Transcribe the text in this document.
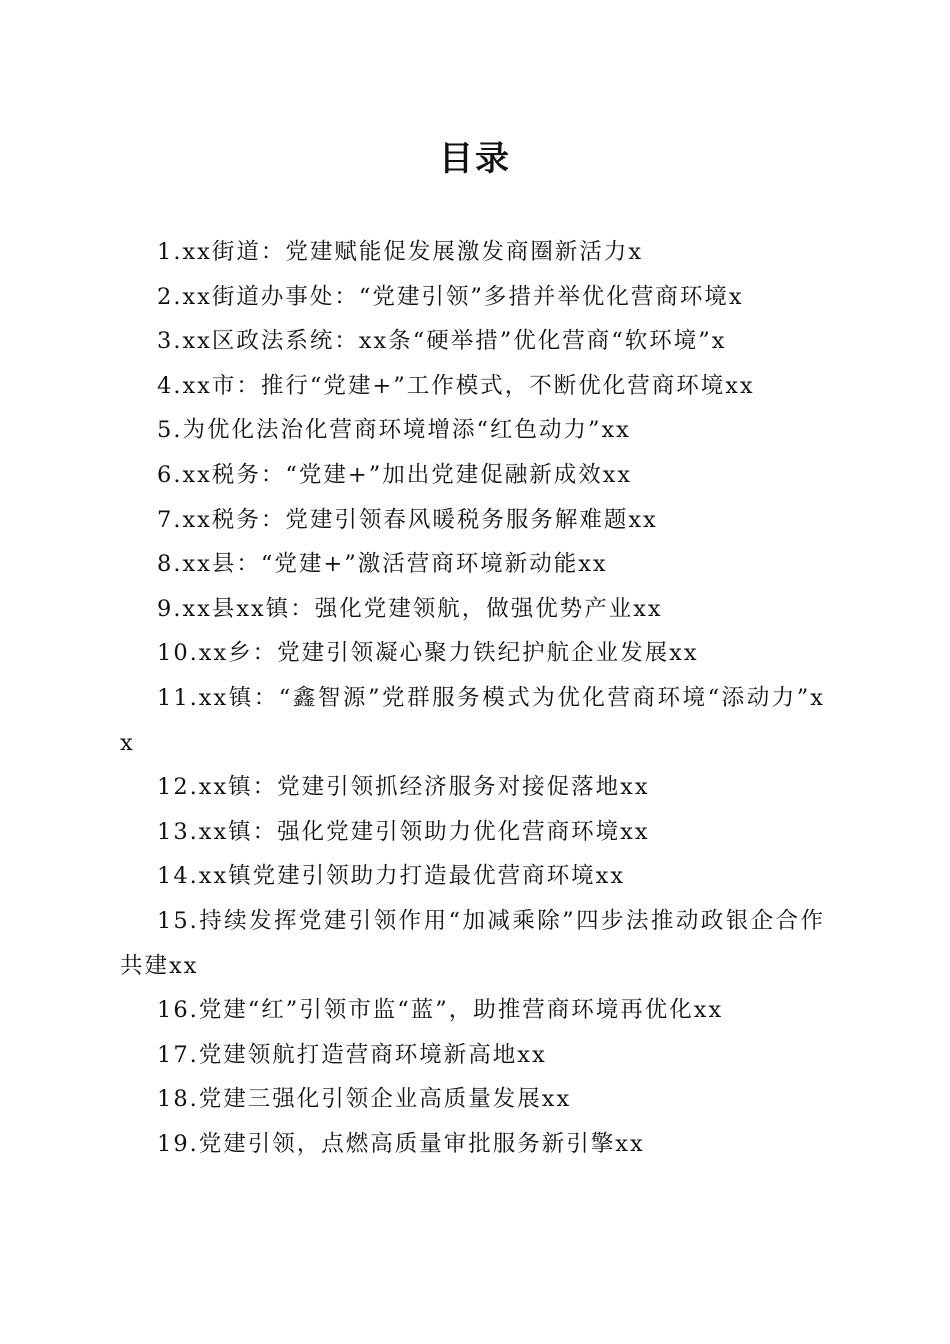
目录
1.xx街道：党建赋能促发展激发商圈新活力x
2.xx街道办事处：“党建引领”多措并举优化营商环境x
3.xx区政法系统：xx条“硬举措”优化营商“软环境”x
4.xx市：推行“党建+”工作模式，不断优化营商环境xx
5.为优化法治化营商环境增添“红色动力”xx
6.xx税务：“党建+”加出党建促融新成效xx
7.xx税务：党建引领春风暖税务服务解难题xx
8.xx县：“党建+”激活营商环境新动能xx
9.xx县xx镇：强化党建领航，做强优势产业xx
10.xx乡：党建引领凝心聚力铁纪护航企业发展xx
11.xx镇：“鑫智源”党群服务模式为优化营商环境“添动力”xx
12.xx镇：党建引领抓经济服务对接促落地xx
13.xx镇：强化党建引领助力优化营商环境xx
14.xx镇党建引领助力打造最优营商环境xx
15.持续发挥党建引领作用“加减乘除”四步法推动政银企合作共建xx
16.党建“红”引领市监“蓝”，助推营商环境再优化xx
17.党建领航打造营商环境新高地xx
18.党建三强化引领企业高质量发展xx
19.党建引领，点燃高质量审批服务新引擎xx
